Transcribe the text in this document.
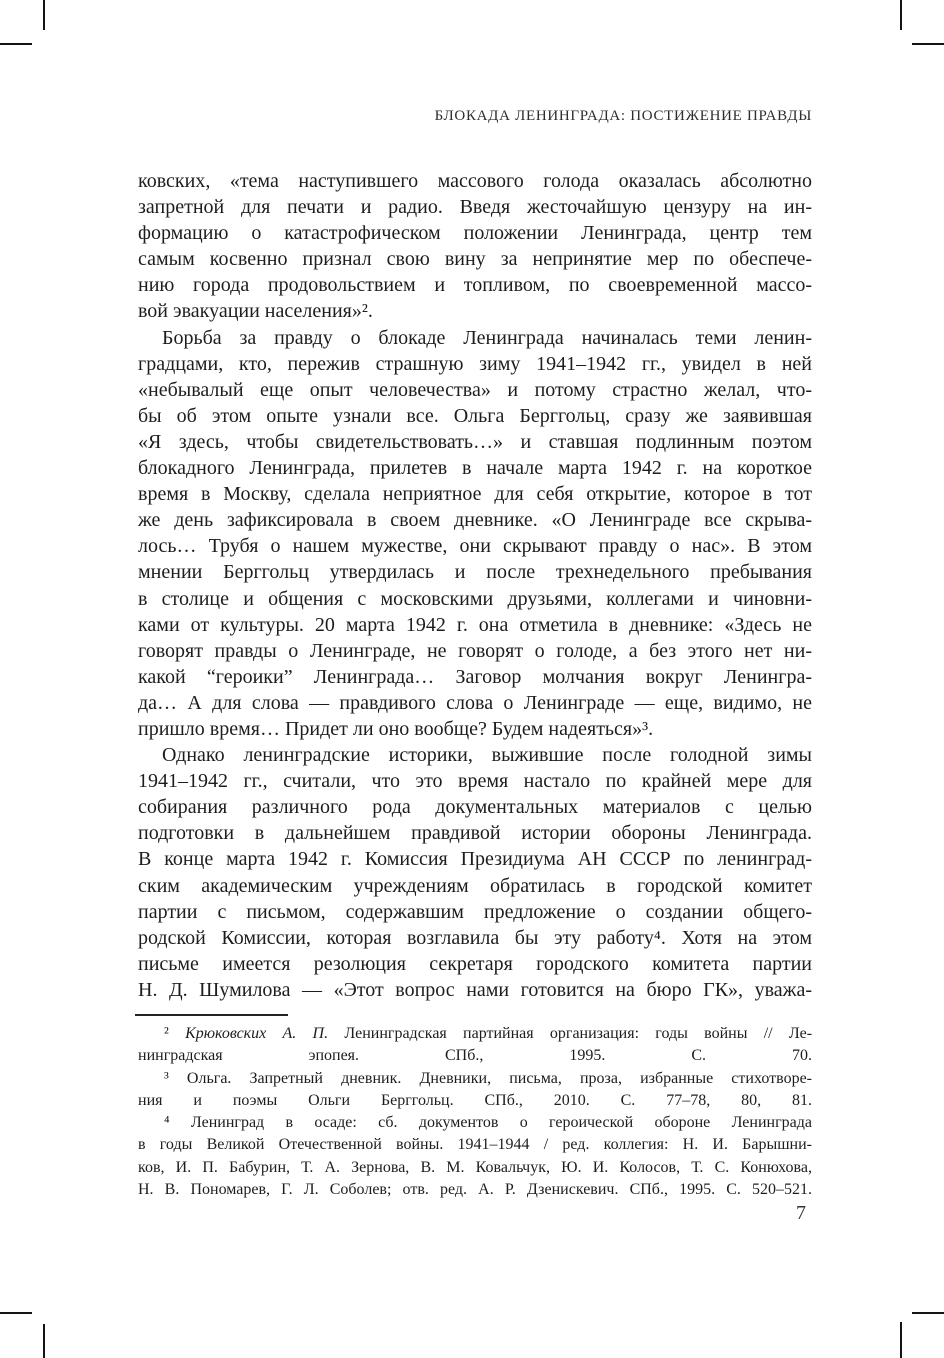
БЛОКАДА ЛЕНИНГРАДА: ПОСТИЖЕНИЕ ПРАВДЫ
ковских, «тема наступившего массового голода оказалась абсолютно
запретной для печати и радио. Введя жесточайшую цензуру на ин-
формацию о катастрофическом положении Ленинграда, центр тем
самым косвенно признал свою вину за непринятие мер по обеспече-
нию города продовольствием и топливом, по своевременной массо-
вой эвакуации населения»².
Борьба за правду о блокаде Ленинграда начиналась теми ленин-
градцами, кто, пережив страшную зиму 1941–1942 гг., увидел в ней
«небывалый еще опыт человечества» и потому страстно желал, что-
бы об этом опыте узнали все. Ольга Берггольц, сразу же заявившая
«Я здесь, чтобы свидетельствовать…» и ставшая подлинным поэтом
блокадного Ленинграда, прилетев в начале марта 1942 г. на короткое
время в Москву, сделала неприятное для себя открытие, которое в тот
же день зафиксировала в своем дневнике. «О Ленинграде все скрыва-
лось… Трубя о нашем мужестве, они скрывают правду о нас». В этом
мнении Берггольц утвердилась и после трехнедельного пребывания
в столице и общения с московскими друзьями, коллегами и чиновни-
ками от культуры. 20 марта 1942 г. она отметила в дневнике: «Здесь не
говорят правды о Ленинграде, не говорят о голоде, а без этого нет ни-
какой “героики” Ленинграда… Заговор молчания вокруг Ленингра-
да… А для слова — правдивого слова о Ленинграде — еще, видимо, не
пришло время… Придет ли оно вообще? Будем надеяться»³.
Однако ленинградские историки, выжившие после голодной зимы
1941–1942 гг., считали, что это время настало по крайней мере для
собирания различного рода документальных материалов с целью
подготовки в дальнейшем правдивой истории обороны Ленинграда.
В конце марта 1942 г. Комиссия Президиума АН СССР по ленинград-
ским академическим учреждениям обратилась в городской комитет
партии с письмом, содержавшим предложение о создании общего-
родской Комиссии, которая возглавила бы эту работу⁴. Хотя на этом
письме имеется резолюция секретаря городского комитета партии
Н. Д. Шумилова — «Этот вопрос нами готовится на бюро ГК», уважа-
² Крюковских А. П. Ленинградская партийная организация: годы войны // Ле-
нинградская эпопея. СПб., 1995. С. 70.
³ Ольга. Запретный дневник. Дневники, письма, проза, избранные стихотворе-
ния и поэмы Ольги Берггольц. СПб., 2010. С. 77–78, 80, 81.
⁴ Ленинград в осаде: сб. документов о героической обороне Ленинграда
в годы Великой Отечественной войны. 1941–1944 / ред. коллегия: Н. И. Барышни-
ков, И. П. Бабурин, Т. А. Зернова, В. М. Ковальчук, Ю. И. Колосов, Т. С. Конюхова,
Н. В. Пономарев, Г. Л. Соболев; отв. ред. А. Р. Дзенискевич. СПб., 1995. С. 520–521.
7
